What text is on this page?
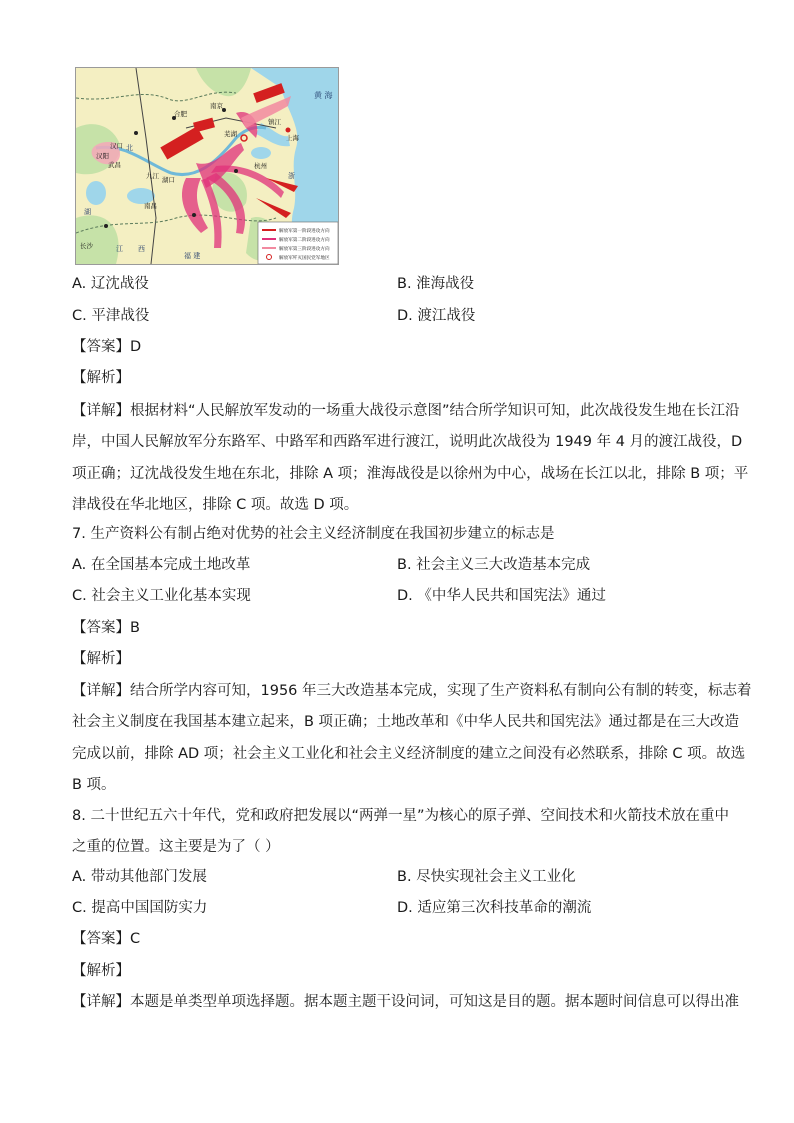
黄 海
合肥
南京
镇江
上海
芜湖
汉口
汉阳
武昌
九江 湖口
杭州
南昌
长沙
北
浙
湖
江 西
福 建
解放军第一阶段进攻方向
解放军第二阶段进攻方向
解放军第三阶段进攻方向
解放军歼灭国民党军地区
A. 辽沈战役	B. 淮海战役
C. 平津战役	D. 渡江战役
【答案】D
【解析】
【详解】根据材料“人民解放军发动的一场重大战役示意图”结合所学知识可知，此次战役发生地在长江沿
岸，中国人民解放军分东路军、中路军和西路军进行渡江，说明此次战役为 1949 年 4 月的渡江战役，D
项正确；辽沈战役发生地在东北，排除 A 项；淮海战役是以徐州为中心，战场在长江以北，排除 B 项；平
津战役在华北地区，排除 C 项。故选 D 项。
7. 生产资料公有制占绝对优势的社会主义经济制度在我国初步建立的标志是
A. 在全国基本完成土地改革	B. 社会主义三大改造基本完成
C. 社会主义工业化基本实现	D. 《中华人民共和国宪法》通过
【答案】B
【解析】
【详解】结合所学内容可知，1956 年三大改造基本完成，实现了生产资料私有制向公有制的转变，标志着
社会主义制度在我国基本建立起来，B 项正确；土地改革和《中华人民共和国宪法》通过都是在三大改造
完成以前，排除 AD 项；社会主义工业化和社会主义经济制度的建立之间没有必然联系，排除 C 项。故选
B 项。
8. 二十世纪五六十年代，党和政府把发展以“两弹一星”为核心的原子弹、空间技术和火箭技术放在重中
之重的位置。这主要是为了（ ）
A. 带动其他部门发展	B. 尽快实现社会主义工业化
C. 提高中国国防实力	D. 适应第三次科技革命的潮流
【答案】C
【解析】
【详解】本题是单类型单项选择题。据本题主题干设问词，可知这是目的题。据本题时间信息可以得出准
